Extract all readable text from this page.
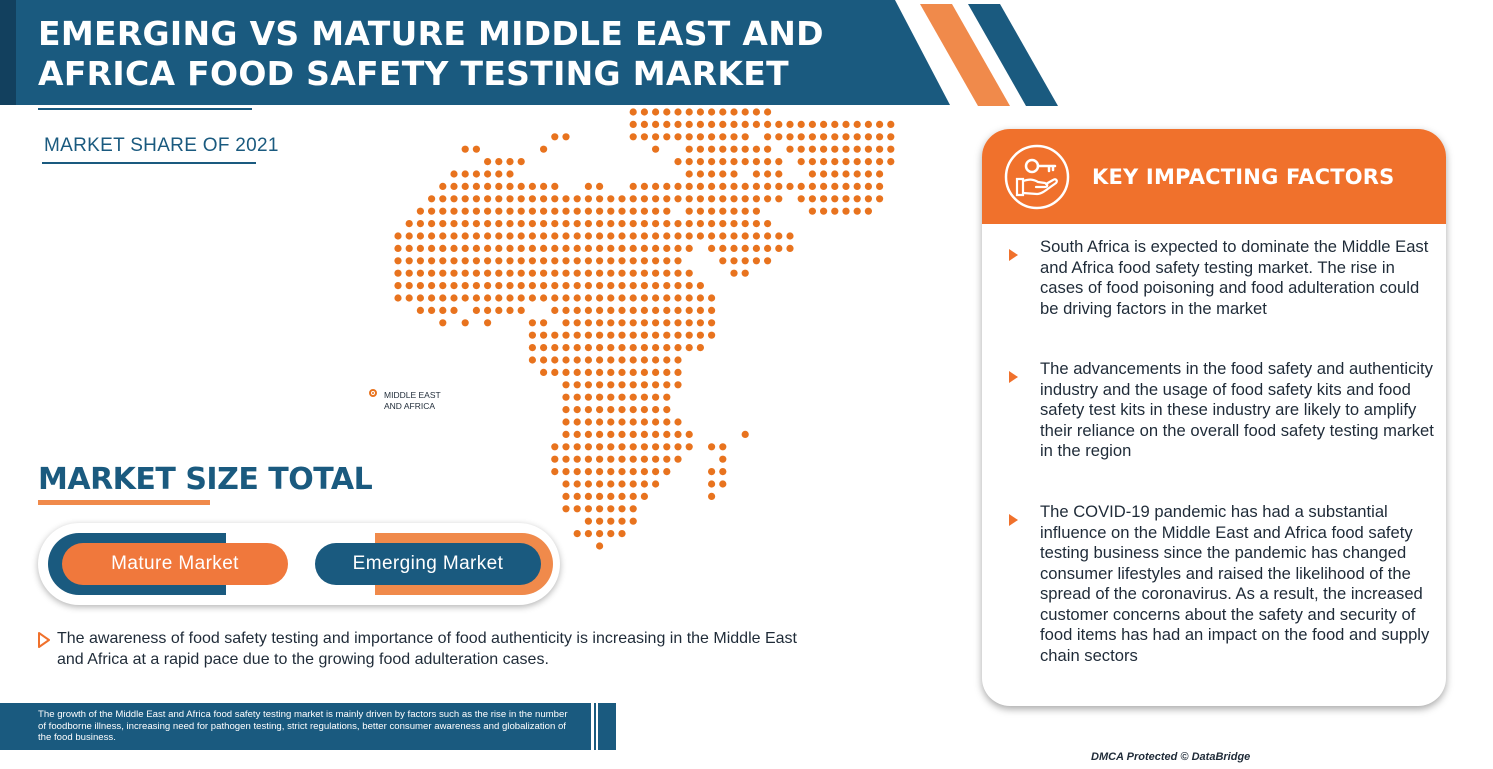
EMERGING VS MATURE MIDDLE EAST AND
AFRICA FOOD SAFETY TESTING MARKET
MARKET SHARE OF 2021
MIDDLE EAST
AND AFRICA
MARKET SIZE TOTAL
Mature Market	Emerging Market
The awareness of food safety testing and importance of food authenticity is increasing in the Middle East and Africa at a rapid pace due to the growing food adulteration cases.
The growth of the Middle East and Africa food safety testing market is mainly driven by factors such as the rise in the number of foodborne illness, increasing need for pathogen testing, strict regulations, better consumer awareness and globalization of the food business.
KEY IMPACTING FACTORS
South Africa is expected to dominate the Middle East and Africa food safety testing market. The rise in cases of food poisoning and food adulteration could be driving factors in the market
The advancements in the food safety and authenticity industry and the usage of food safety kits and food safety test kits in these industry are likely to amplify their reliance on the overall food safety testing market in the region
The COVID-19 pandemic has had a substantial influence on the Middle East and Africa food safety testing business since the pandemic has changed consumer lifestyles and raised the likelihood of the spread of the coronavirus. As a result, the increased customer concerns about the safety and security of food items has had an impact on the food and supply chain sectors
DMCA Protected © DataBridge
